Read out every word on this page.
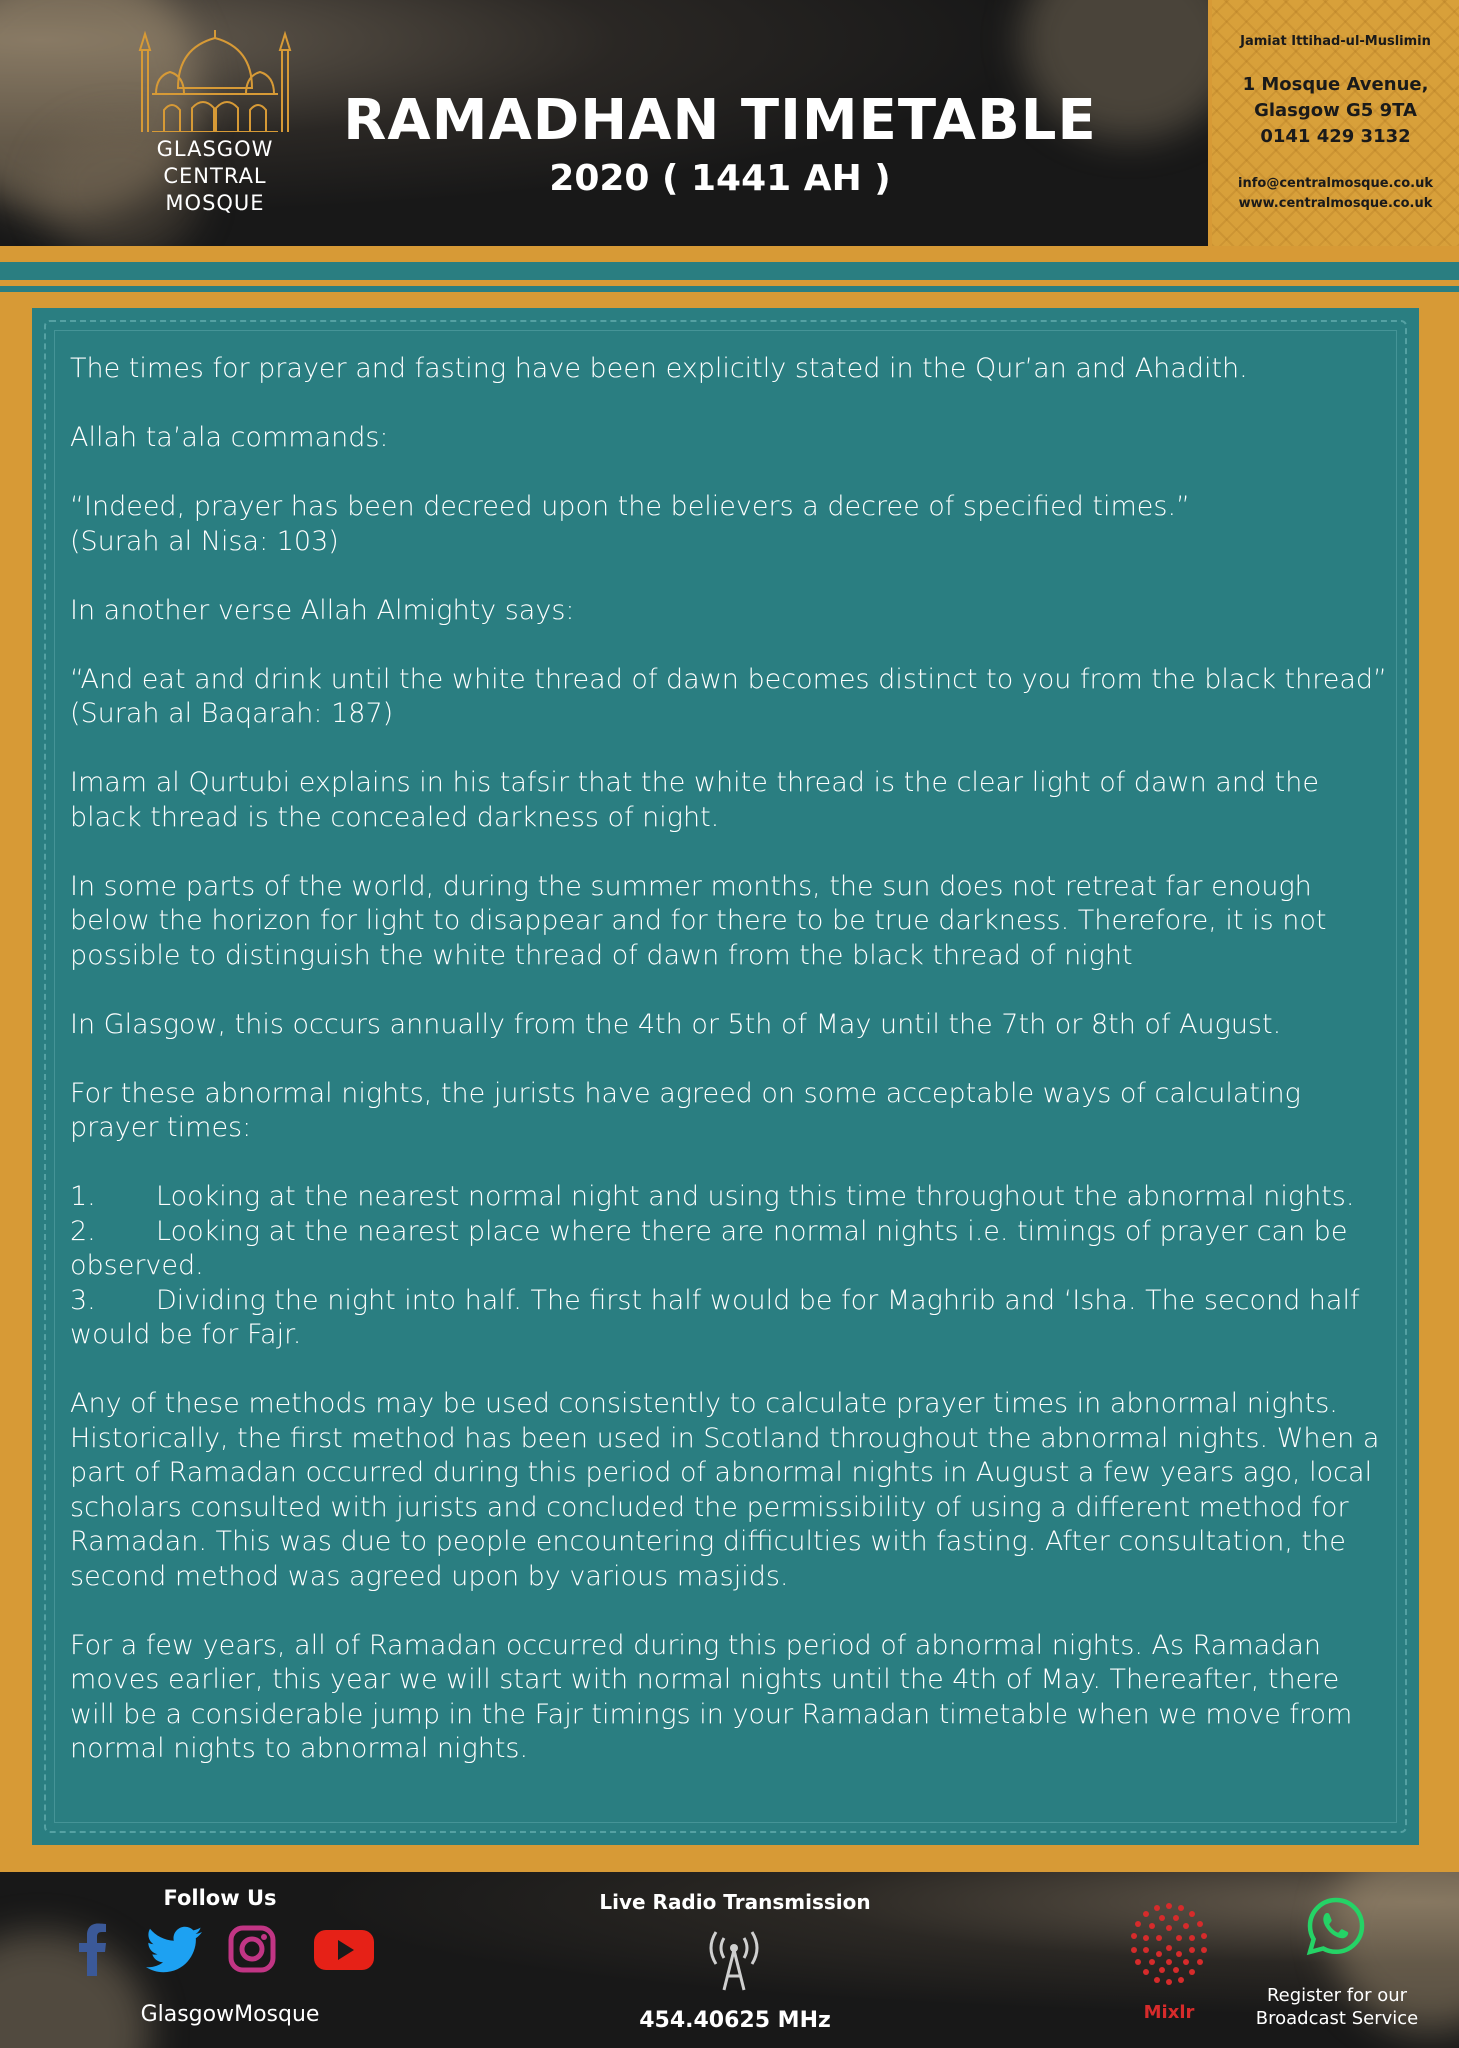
GLASGOW
CENTRAL
MOSQUE
RAMADHAN TIMETABLE
2020 ( 1441 AH )
Jamiat Ittihad-ul-Muslimin
1 Mosque Avenue,
Glasgow G5 9TA
0141 429 3132
info@centralmosque.co.uk
www.centralmosque.co.uk

The times for prayer and fasting have been explicitly stated in the Qur’an and Ahadith.

Allah ta’ala commands:

“Indeed, prayer has been decreed upon the believers a decree of specified times.”

(Surah al Nisa: 103)

In another verse Allah Almighty says:

“And eat and drink until the white thread of dawn becomes distinct to you from the black thread”

(Surah al Baqarah: 187)

Imam al Qurtubi explains in his tafsir that the white thread is the clear light of dawn and the black thread is the concealed darkness of night.

In some parts of the world, during the summer months, the sun does not retreat far enough below the horizon for light to disappear and for there to be true darkness. Therefore, it is not possible to distinguish the white thread of dawn from the black thread of night

In Glasgow, this occurs annually from the 4th or 5th of May until the 7th or 8th of August.

For these abnormal nights, the jurists have agreed on some acceptable ways of calculating prayer times:

1. Looking at the nearest normal night and using this time throughout the abnormal nights.

2. Looking at the nearest place where there are normal nights i.e. timings of prayer can be observed.

3. Dividing the night into half. The first half would be for Maghrib and ‘Isha. The second half would be for Fajr.

Any of these methods may be used consistently to calculate prayer times in abnormal nights. Historically, the first method has been used in Scotland throughout the abnormal nights. When a part of Ramadan occurred during this period of abnormal nights in August a few years ago, local scholars consulted with jurists and concluded the permissibility of using a different method for Ramadan. This was due to people encountering difficulties with fasting. After consultation, the second method was agreed upon by various masjids.

For a few years, all of Ramadan occurred during this period of abnormal nights. As Ramadan moves earlier, this year we will start with normal nights until the 4th of May. Thereafter, there will be a considerable jump in the Fajr timings in your Ramadan timetable when we move from normal nights to abnormal nights.

Follow Us
GlasgowMosque
Live Radio Transmission
454.40625 MHz	Mixlr
Register for our
Broadcast Service
